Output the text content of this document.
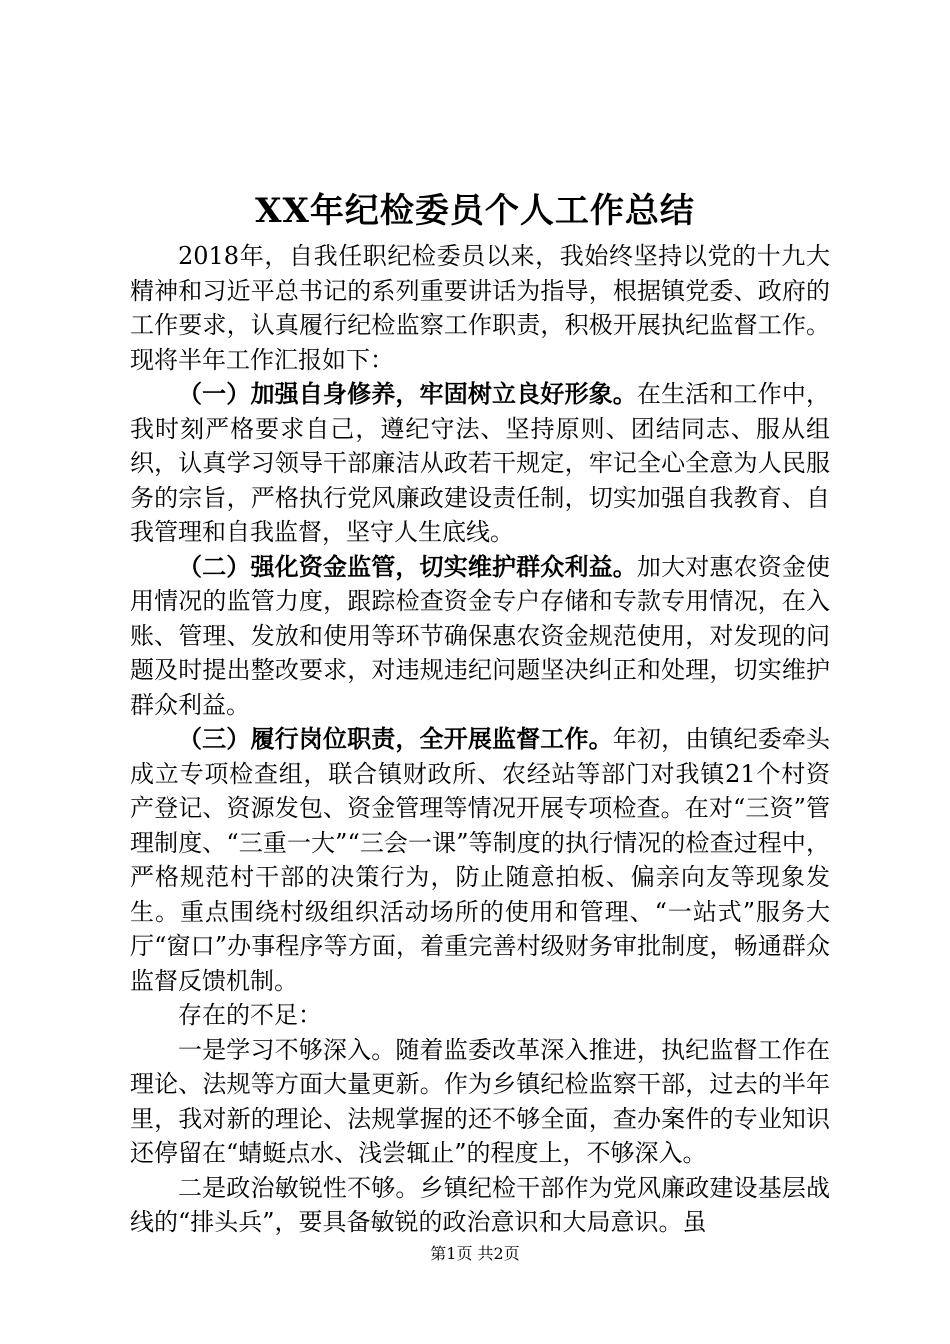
XX年纪检委员个人工作总结

2018年，自我任职纪检委员以来，我始终坚持以党的十九大精神和习近平总书记的系列重要讲话为指导，根据镇党委、政府的工作要求，认真履行纪检监察工作职责，积极开展执纪监督工作。现将半年工作汇报如下：

（一）加强自身修养，牢固树立良好形象。在生活和工作中，我时刻严格要求自己，遵纪守法、坚持原则、团结同志、服从组织，认真学习领导干部廉洁从政若干规定，牢记全心全意为人民服务的宗旨，严格执行党风廉政建设责任制，切实加强自我教育、自我管理和自我监督，坚守人生底线。

（二）强化资金监管，切实维护群众利益。加大对惠农资金使用情况的监管力度，跟踪检查资金专户存储和专款专用情况，在入账、管理、发放和使用等环节确保惠农资金规范使用，对发现的问题及时提出整改要求，对违规违纪问题坚决纠正和处理，切实维护群众利益。

（三）履行岗位职责，全开展监督工作。年初，由镇纪委牵头成立专项检查组，联合镇财政所、农经站等部门对我镇21个村资产登记、资源发包、资金管理等情况开展专项检查。在对“三资”管理制度、“三重一大”“三会一课”等制度的执行情况的检查过程中，严格规范村干部的决策行为，防止随意拍板、偏亲向友等现象发生。重点围绕村级组织活动场所的使用和管理、“一站式”服务大厅“窗口”办事程序等方面，着重完善村级财务审批制度，畅通群众监督反馈机制。

存在的不足：

一是学习不够深入。随着监委改革深入推进，执纪监督工作在理论、法规等方面大量更新。作为乡镇纪检监察干部，过去的半年里，我对新的理论、法规掌握的还不够全面，查办案件的专业知识还停留在“蜻蜓点水、浅尝辄止”的程度上，不够深入。

二是政治敏锐性不够。乡镇纪检干部作为党风廉政建设基层战线的“排头兵”，要具备敏锐的政治意识和大局意识。虽

第1页 共2页
